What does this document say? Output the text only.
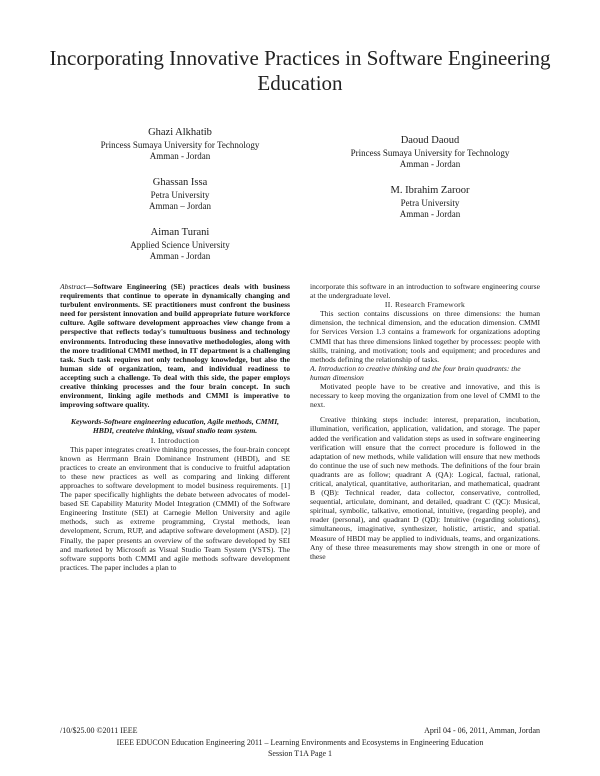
Incorporating Innovative Practices in Software Engineering Education
Ghazi Alkhatib
Princess Sumaya University for Technology
Amman - Jordan
Ghassan Issa
Petra University
Amman – Jordan
Aiman Turani
Applied Science University
Amman - Jordan
Daoud Daoud
Princess Sumaya University for Technology
Amman - Jordan
M. Ibrahim Zaroor
Petra University
Amman - Jordan

Abstract—Software Engineering (SE) practices deals with business requirements that continue to operate in dynamically changing and turbulent environments. SE practitioners must confront the business need for persistent innovation and build appropriate future workforce culture. Agile software development approaches view change from a perspective that reflects today's tumultuous business and technology environments. Introducing these innovative methodologies, along with the more traditional CMMI method, in IT department is a challenging task. Such task requires not only technology knowledge, but also the human side of organization, team, and individual readiness to accepting such a challenge. To deal with this side, the paper employs creative thinking processes and the four brain concept. In such environment, linking agile methods and CMMI is imperative to improving software quality.

Keywords-Software engineering education, Agile methods, CMMI, HBDI, createive thinking, visual studio team system.

I. Introduction

This paper integrates creative thinking processes, the four-brain concept known as Herrmann Brain Dominance Instrument (HBDI), and SE practices to create an environment that is conducive to fruitful adaptation to these new practices as well as comparing and linking different approaches to software development to model business requirements. [1] The paper specifically highlights the debate between advocates of model-based SE Capability Maturity Model Integration (CMMI) of the Software Engineering Institute (SEI) at Carnegie Mellon University and agile methods, such as extreme programming, Crystal methods, lean development, Scrum, RUP, and adaptive software development (ASD). [2] Finally, the paper presents an overview of the software developed by SEI and marketed by Microsoft as Visual Studio Team System (VSTS). The software supports both CMMI and agile methods software development practices. The paper includes a plan to

incorporate this software in an introduction to software engineering course at the undergraduate level.

II. Research Framework

This section contains discussions on three dimensions: the human dimension, the technical dimension, and the education dimension. CMMI for Services Version 1.3 contains a framework for organizations adopting CMMI that has three dimensions linked together by processes: people with skills, training, and motivation; tools and equipment; and procedures and methods defining the relationship of tasks.

A. Introduction to creative thinking and the four brain quadrants: the human dimension

Motivated people have to be creative and innovative, and this is necessary to keep moving the organization from one level of CMMI to the next.

Creative thinking steps include: interest, preparation, incubation, illumination, verification, application, validation, and storage. The paper added the verification and validation steps as used in software engineering verification will ensure that the correct procedure is followed in the adaptation of new methods, while validation will ensure that new methods do continue the use of such new methods. The definitions of the four brain quadrants are as follow; quadrant A (QA): Logical, factual, rational, critical, analytical, quantitative, authoritarian, and mathematical, quadrant B (QB): Technical reader, data collector, conservative, controlled, sequential, articulate, dominant, and detailed, quadrant C (QC): Musical, spiritual, symbolic, talkative, emotional, intuitive, (regarding people), and reader (personal), and quadrant D (QD): Intuitive (regarding solutions), simultaneous, imaginative, synthesizer, holistic, artistic, and spatial. Measure of HBDI may be applied to individuals, teams, and organizations. Any of these three measurements may show strength in one or more of these

/10/$25.00 ©2011 IEEE	April 04 - 06, 2011, Amman, Jordan
IEEE EDUCON Education Engineering 2011 – Learning Environments and Ecosystems in Engineering Education
Session T1A Page 1
